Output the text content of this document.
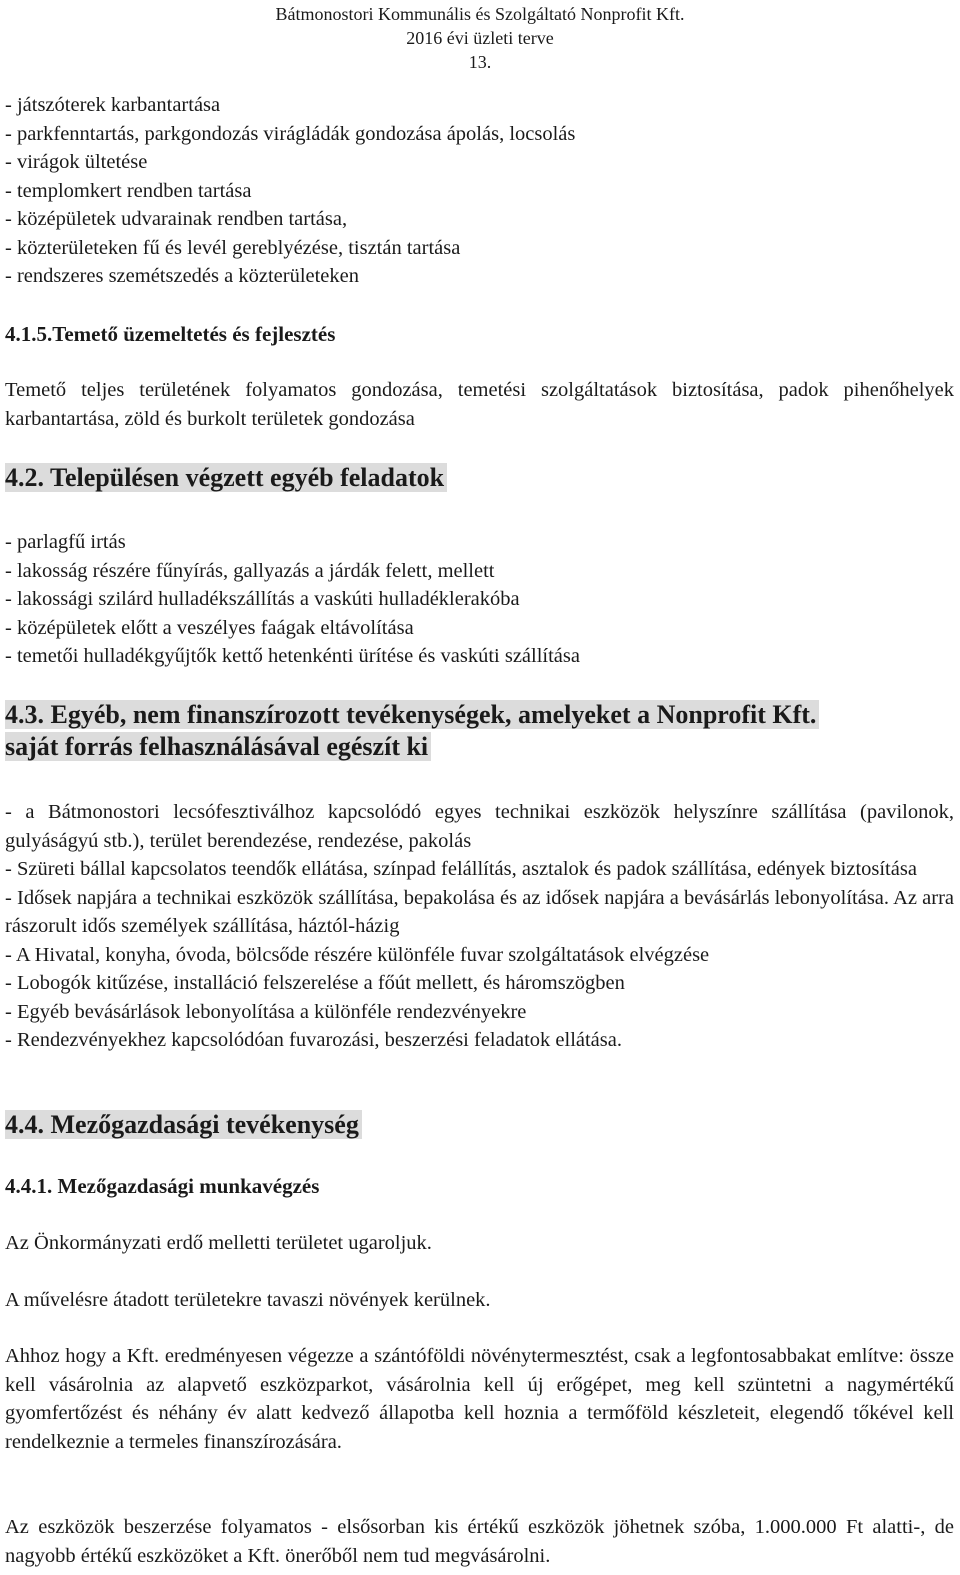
Bátmonostori Kommunális és Szolgáltató Nonprofit Kft.
2016 évi üzleti terve
13.
- játszóterek karbantartása
- parkfenntartás, parkgondozás virágládák gondozása ápolás, locsolás
- virágok ültetése
- templomkert rendben tartása
- középületek udvarainak rendben tartása,
- közterületeken fű és levél gereblyézése, tisztán tartása
- rendszeres szemétszedés a közterületeken
4.1.5.Temető üzemeltetés és fejlesztés
Temető teljes területének folyamatos gondozása, temetési szolgáltatások biztosítása, padok pihenőhelyek karbantartása, zöld és burkolt területek gondozása
4.2. Településen végzett egyéb feladatok
- parlagfű irtás
- lakosság részére fűnyírás, gallyazás a járdák felett, mellett
- lakossági szilárd hulladékszállítás a vaskúti hulladéklerakóba
- középületek előtt a veszélyes faágak eltávolítása
- temetői hulladékgyűjtők kettő hetenkénti ürítése és vaskúti szállítása
4.3. Egyéb, nem finanszírozott tevékenységek, amelyeket a Nonprofit Kft.
saját forrás felhasználásával egészít ki
- a Bátmonostori lecsófesztiválhoz kapcsolódó egyes technikai eszközök helyszínre szállítása (pavilonok, gulyáságyú stb.), terület berendezése, rendezése, pakolás
- Szüreti bállal kapcsolatos teendők ellátása, színpad felállítás, asztalok és padok szállítása, edények biztosítása
- Idősek napjára a technikai eszközök szállítása, bepakolása és az idősek napjára a bevásárlás lebonyolítása. Az arra rászorult idős személyek szállítása, háztól-házig
- A Hivatal, konyha, óvoda, bölcsőde részére különféle fuvar szolgáltatások elvégzése
- Lobogók kitűzése, installáció felszerelése a főút mellett, és háromszögben
- Egyéb bevásárlások lebonyolítása a különféle rendezvényekre
- Rendezvényekhez kapcsolódóan fuvarozási, beszerzési feladatok ellátása.
4.4. Mezőgazdasági tevékenység
4.4.1. Mezőgazdasági munkavégzés
Az Önkormányzati erdő melletti területet ugaroljuk.
A művelésre átadott területekre tavaszi növények kerülnek.
Ahhoz hogy a Kft. eredményesen végezze a szántóföldi növénytermesztést, csak a legfontosabbakat említve: össze kell vásárolnia az alapvető eszközparkot, vásárolnia kell új erőgépet, meg kell szüntetni a nagymértékű gyomfertőzést és néhány év alatt kedvező állapotba kell hoznia a termőföld készleteit, elegendő tőkével kell rendelkeznie a termeles finanszírozására.
Az eszközök beszerzése folyamatos - elsősorban kis értékű eszközök jöhetnek szóba, 1.000.000 Ft alatti-, de nagyobb értékű eszközöket a Kft. önerőből nem tud megvásárolni.
